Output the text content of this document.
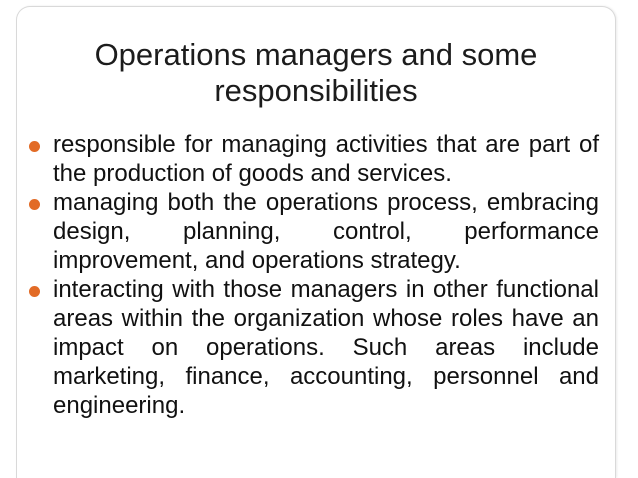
Operations managers and some
responsibilities
responsible for managing activities that are part of the production of goods and services.
managing both the operations process, embracing design, planning, control, performance improvement, and operations strategy.
interacting with those managers in other functional areas within the organization whose roles have an impact on operations. Such areas include marketing, finance, accounting, personnel and engineering.
